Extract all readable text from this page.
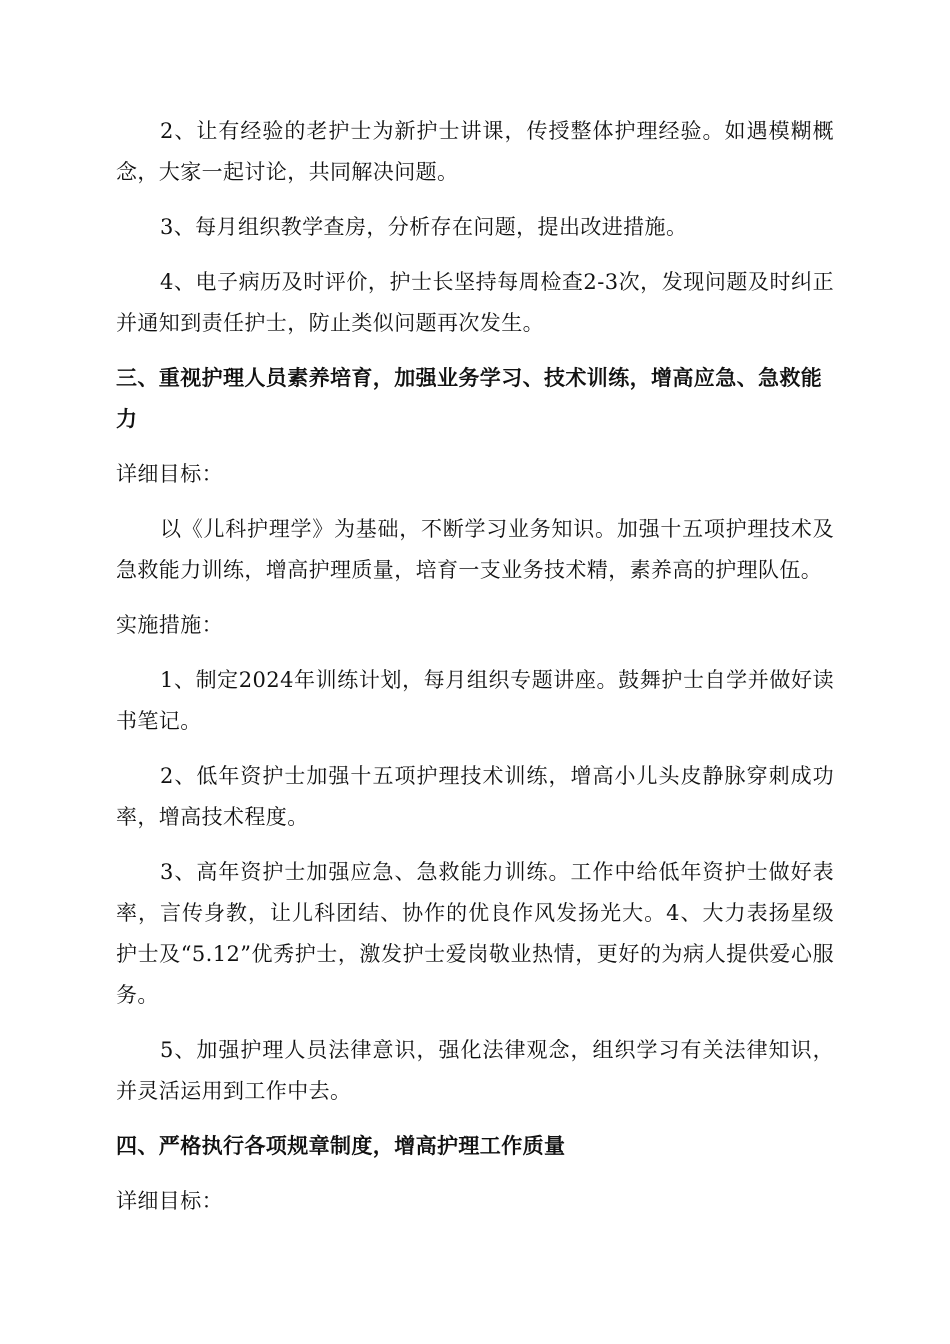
2、让有经验的老护士为新护士讲课，传授整体护理经验。如遇模糊概念，大家一起讨论，共同解决问题。

3、每月组织教学查房，分析存在问题，提出改进措施。

4、电子病历及时评价，护士长坚持每周检查2-3次，发现问题及时纠正并通知到责任护士，防止类似问题再次发生。

三、重视护理人员素养培育，加强业务学习、技术训练，增高应急、急救能力

详细目标：

以《儿科护理学》为基础，不断学习业务知识。加强十五项护理技术及急救能力训练，增高护理质量，培育一支业务技术精，素养高的护理队伍。

实施措施：

1、制定2024年训练计划，每月组织专题讲座。鼓舞护士自学并做好读书笔记。

2、低年资护士加强十五项护理技术训练，增高小儿头皮静脉穿刺成功率，增高技术程度。

3、高年资护士加强应急、急救能力训练。工作中给低年资护士做好表率，言传身教，让儿科团结、协作的优良作风发扬光大。4、大力表扬星级护士及“5.12”优秀护士，激发护士爱岗敬业热情，更好的为病人提供爱心服务。

5、加强护理人员法律意识，强化法律观念，组织学习有关法律知识，并灵活运用到工作中去。

四、严格执行各项规章制度，增高护理工作质量

详细目标：
